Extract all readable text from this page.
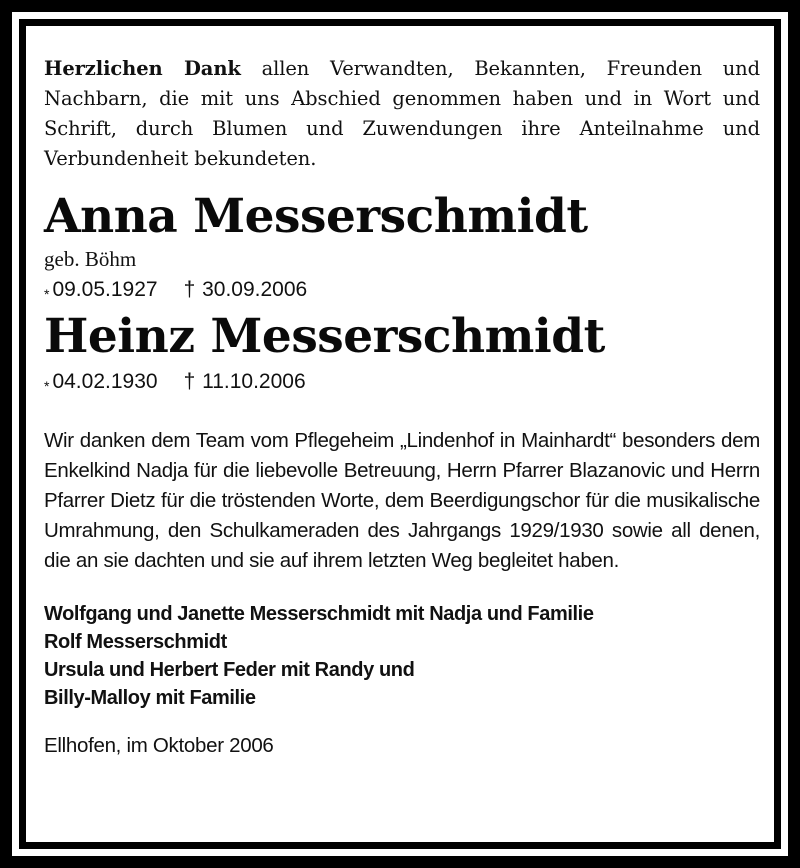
Herzlichen Dank allen Verwandten, Bekannten, Freunden und Nachbarn, die mit uns Abschied genommen haben und in Wort und Schrift, durch Blumen und Zuwendungen ihre Anteilnahme und Verbundenheit bekundeten.

Anna Messerschmidt
geb. Böhm
* 09.05.1927 † 30.09.2006
Heinz Messerschmidt
* 04.02.1930 † 11.10.2006

Wir danken dem Team vom Pflegeheim „Lindenhof in Mainhardt“ besonders dem Enkelkind Nadja für die liebevolle Betreuung, Herrn Pfarrer Blazanovic und Herrn Pfarrer Dietz für die tröstenden Worte, dem Beerdigungschor für die musikalische Umrahmung, den Schulkameraden des Jahrgangs 1929/1930 sowie all denen, die an sie dachten und sie auf ihrem letzten Weg begleitet haben.

Wolfgang und Janette Messerschmidt mit Nadja und Familie
Rolf Messerschmidt
Ursula und Herbert Feder mit Randy und
Billy-Malloy mit Familie
Ellhofen, im Oktober 2006
